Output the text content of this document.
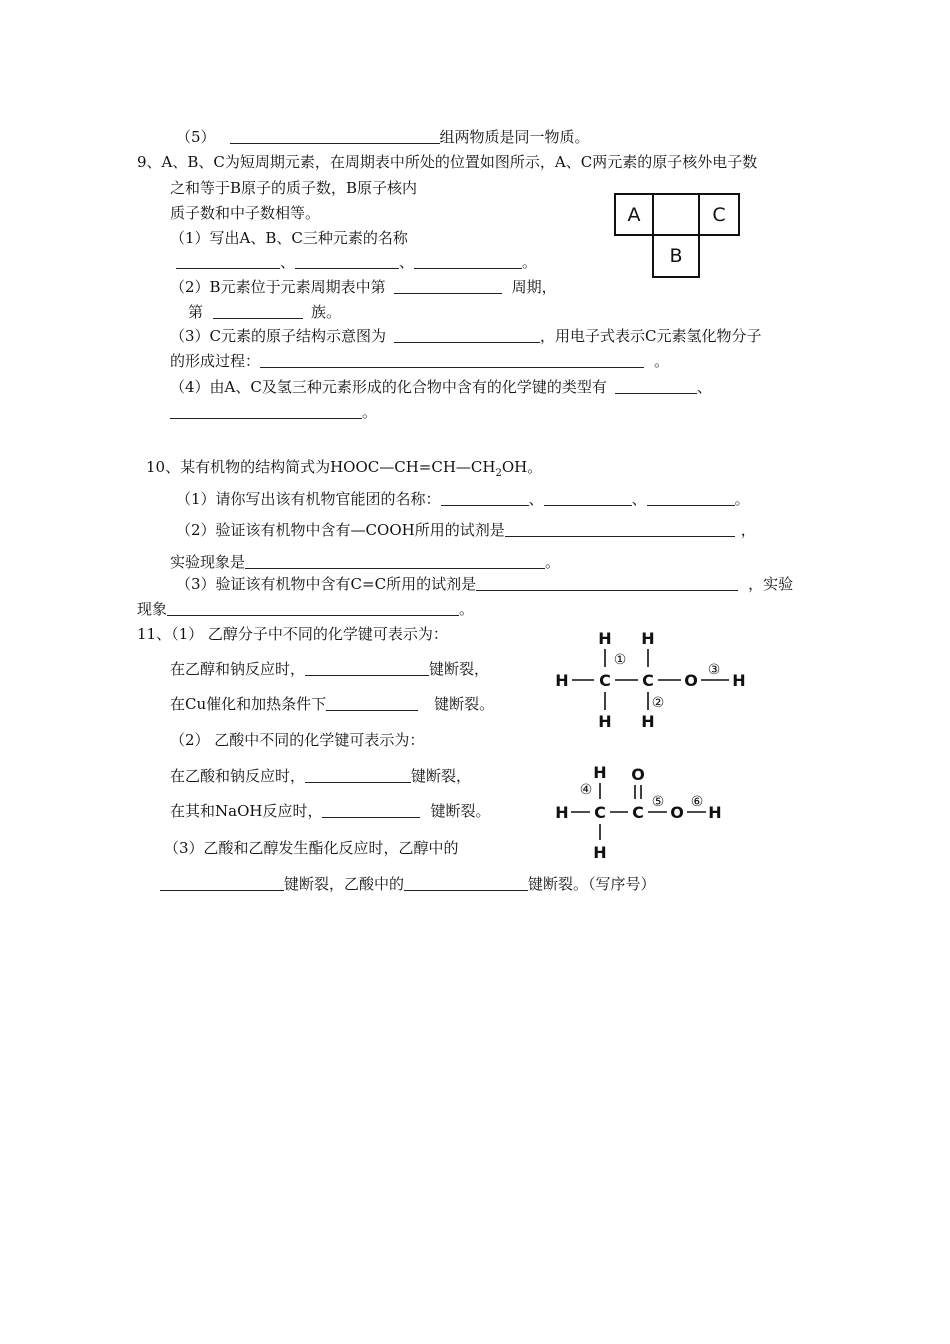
（5）	组两物质是同一物质。
9、A、B、C为短周期元素，在周期表中所处的位置如图所示，A、C两元素的原子核外电子数
之和等于B原子的质子数，B原子核内
质子数和中子数相等。	A	C
B
（1）写出A、B、C三种元素的名称
、	、	。
（2）B元素位于元素周期表中第	周期，
第	族。
（3）C元素的原子结构示意图为	，用电子式表示C元素氢化物分子
的形成过程：	。
（4）由A、C及氢三种元素形成的化合物中含有的化学键的类型有	、
。
10、某有机物的结构简式为$HOOC—CH=CH—CH_2OH$。
（1）请你写出该有机物官能团的名称：	、	、	。
（2）验证该有机物中含有—COOH所用的试剂是	，
实验现象是	。
（3）验证该有机物中含有C=C所用的试剂是	，实验
现象	。
11、（1） 乙醇分子中不同的化学键可表示为：
在乙醇和钠反应时，	键断裂，
在Cu催化和加热条件下	键断裂。
H H
H C C O H
H H
①
②
③
（2） 乙酸中不同的化学键可表示为：
在乙酸和钠反应时，	键断裂，
在其和NaOH反应时，	键断裂。
H O
H C C O H
H
④
⑤ ⑥
（3）乙酸和乙醇发生酯化反应时，乙醇中的
键断裂，乙酸中的	键断裂。（写序号）
